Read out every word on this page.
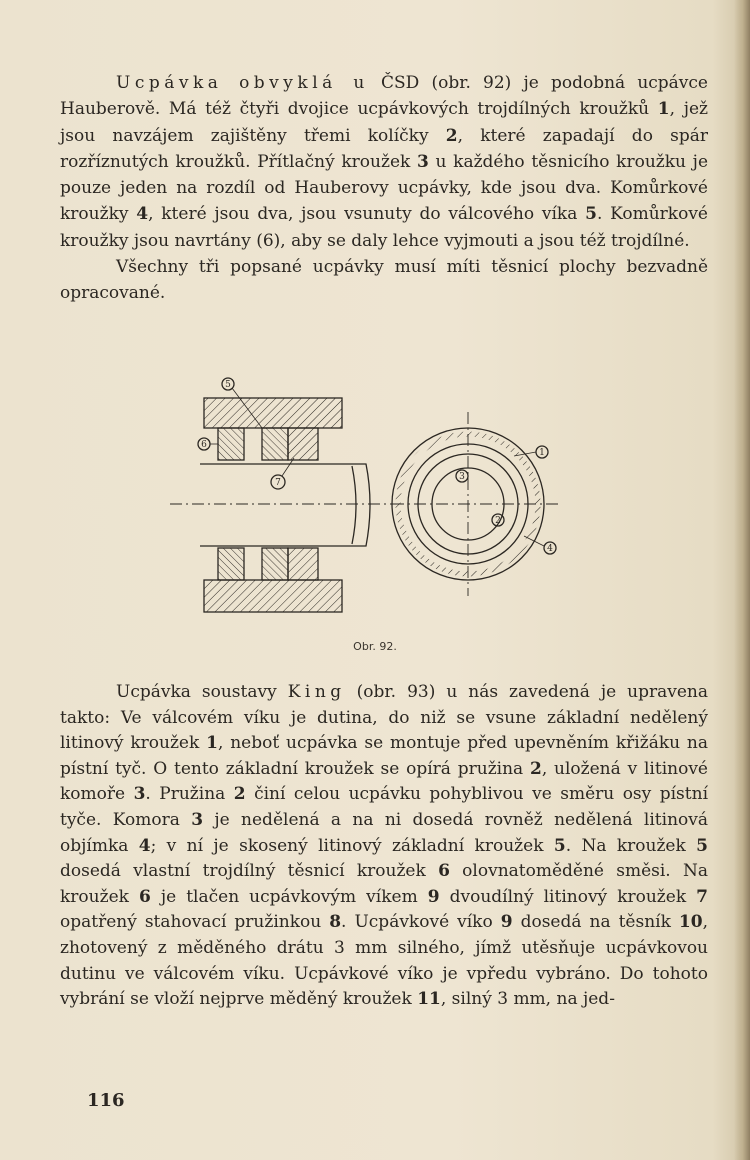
Ucpávka obvyklá u ČSD (obr. 92) je podobná ucpávce Hauberově. Má též čtyři dvojice ucpávkových trojdílných kroužků 1, jež jsou navzájem zajištěny třemi kolíčky 2, které zapadají do spár rozříznutých kroužků. Přítlačný kroužek 3 u každého těsnicího kroužku je pouze jeden na rozdíl od Hauberovy ucpávky, kde jsou dva. Komůrkové kroužky 4, které jsou dva, jsou vsunuty do válcového víka 5. Komůrkové kroužky jsou navrtány (6), aby se daly lehce vyjmouti a jsou též trojdílné.

Všechny tři popsané ucpávky musí míti těsnicí plochy bezvadně opracované.

5
6
7
3
2
1
4
Obr. 92.

Ucpávka soustavy King (obr. 93) u nás zavedená je upravena takto: Ve válcovém víku je dutina, do niž se vsune základní nedělený litinový kroužek 1, neboť ucpávka se montuje před upevněním křižáku na pístní tyč. O tento základní kroužek se opírá pružina 2, uložená v litinové komoře 3. Pružina 2 činí celou ucpávku pohyblivou ve směru osy pístní tyče. Komora 3 je nedělená a na ni dosedá rovněž nedělená litinová objímka 4; v ní je skosený litinový základní kroužek 5. Na kroužek 5 dosedá vlastní trojdílný těsnicí kroužek 6 olovnatoměděné směsi. Na kroužek 6 je tlačen ucpávkovým víkem 9 dvoudílný litinový kroužek 7 opatřený stahovací pružinkou 8. Ucpávkové víko 9 dosedá na těsník 10, zhotovený z měděného drátu 3 mm silného, jímž utěsňuje ucpávkovou dutinu ve válcovém víku. Ucpávkové víko je vpředu vybráno. Do tohoto vybrání se vloží nejprve měděný kroužek 11, silný 3 mm, na jed-

116
